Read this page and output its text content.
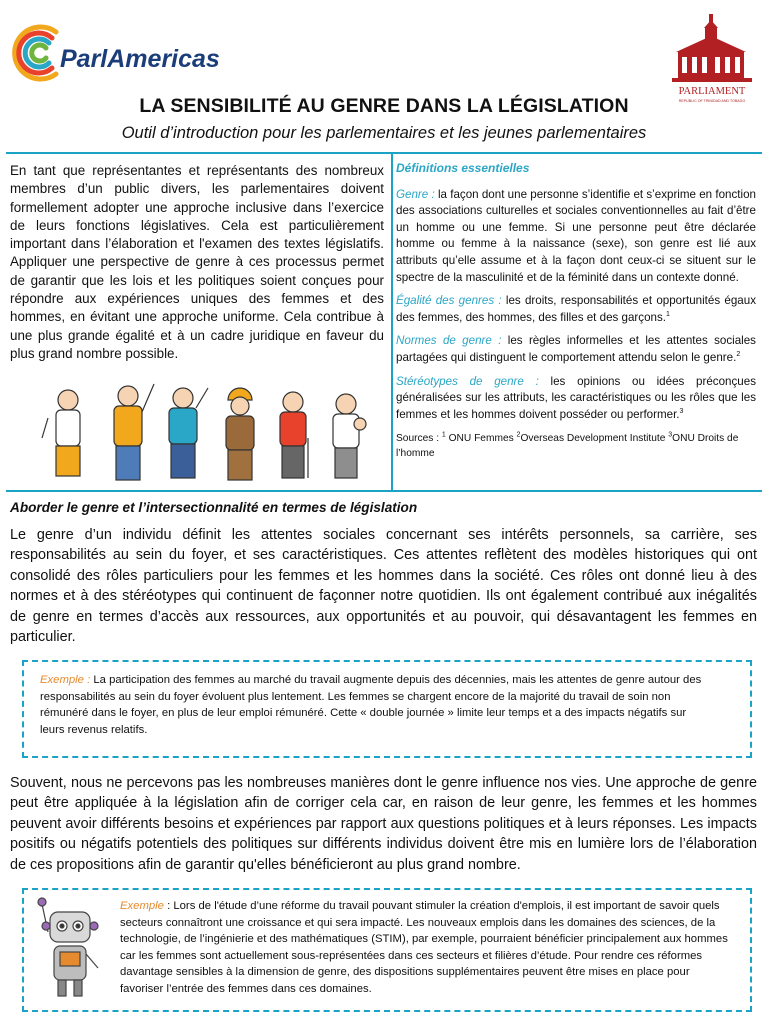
ParlAmericas
PARLIAMENT
REPUBLIC OF TRINIDAD AND TOBAGO
LA SENSIBILITÉ AU GENRE DANS LA LÉGISLATION
Outil d’introduction pour les parlementaires et les jeunes parlementaires
En tant que représentantes et représentants des nombreux membres d’un public divers, les parlementaires doivent formellement adopter une approche inclusive dans l’exercice de leurs fonctions législatives. Cela est particulièrement important dans l’élaboration et l'examen des textes législatifs. Appliquer une perspective de genre à ces processus permet de garantir que les lois et les politiques soient conçues pour répondre aux expériences uniques des femmes et des hommes, en évitant une approche uniforme. Cela contribue à une plus grande égalité et à un cadre juridique en faveur du plus grand nombre possible.
Définitions essentielles
Genre : la façon dont une personne s’identifie et s’exprime en fonction des associations culturelles et sociales conventionnelles au fait d’être un homme ou une femme. Si une personne peut être déclarée homme ou femme à la naissance (sexe), son genre est lié aux attributs qu’elle assume et à la façon dont ceux-ci se situent sur le spectre de la masculinité et de la féminité dans un contexte donné.
Égalité des genres : les droits, responsabilités et opportunités égaux des femmes, des hommes, des filles et des garçons.$^1$
Normes de genre : les règles informelles et les attentes sociales partagées qui distinguent le comportement attendu selon le genre.$^2$
Stéréotypes de genre : les opinions ou idées préconçues généralisées sur les attributs, les caractéristiques ou les rôles que les femmes et les hommes doivent posséder ou performer.$^3$
Sources : $^1$ ONU Femmes $^2$Overseas Development Institute $^3$ONU Droits de l’homme
Aborder le genre et l’intersectionnalité en termes de législation
Le genre d’un individu définit les attentes sociales concernant ses intérêts personnels, sa carrière, ses responsabilités au sein du foyer, et ses caractéristiques. Ces attentes reflètent des modèles historiques qui ont consolidé des rôles particuliers pour les femmes et les hommes dans la société. Ces rôles ont donné lieu à des normes et à des stéréotypes qui continuent de façonner notre quotidien. Ils ont également contribué aux inégalités de genre en termes d’accès aux ressources, aux opportunités et au pouvoir, qui désavantagent les femmes en particulier.
Exemple : La participation des femmes au marché du travail augmente depuis des décennies, mais les attentes de genre autour des responsabilités au sein du foyer évoluent plus lentement. Les femmes se chargent encore de la majorité du travail de soin non rémunéré dans le foyer, en plus de leur emploi rémunéré. Cette « double journée » limite leur temps et a des impacts négatifs sur leurs revenus relatifs.
Souvent, nous ne percevons pas les nombreuses manières dont le genre influence nos vies. Une approche de genre peut être appliquée à la législation afin de corriger cela car, en raison de leur genre, les femmes et les hommes peuvent avoir différents besoins et expériences par rapport aux questions politiques et à leurs réponses. Les impacts positifs ou négatifs potentiels des politiques sur différents individus doivent être mis en lumière lors de l’élaboration de ces propositions afin de garantir qu'elles bénéficieront au plus grand nombre.
Exemple : Lors de l'étude d’une réforme du travail pouvant stimuler la création d'emplois, il est important de savoir quels secteurs connaîtront une croissance et qui sera impacté. Les nouveaux emplois dans les domaines des sciences, de la technologie, de l’ingénierie et des mathématiques (STIM), par exemple, pourraient bénéficier principalement aux hommes car les femmes sont actuellement sous-représentées dans ces secteurs et filières d’étude. Pour rendre ces réformes davantage sensibles à la dimension de genre, des dispositions supplémentaires peuvent être mises en place pour favoriser l’entrée des femmes dans ces domaines.
